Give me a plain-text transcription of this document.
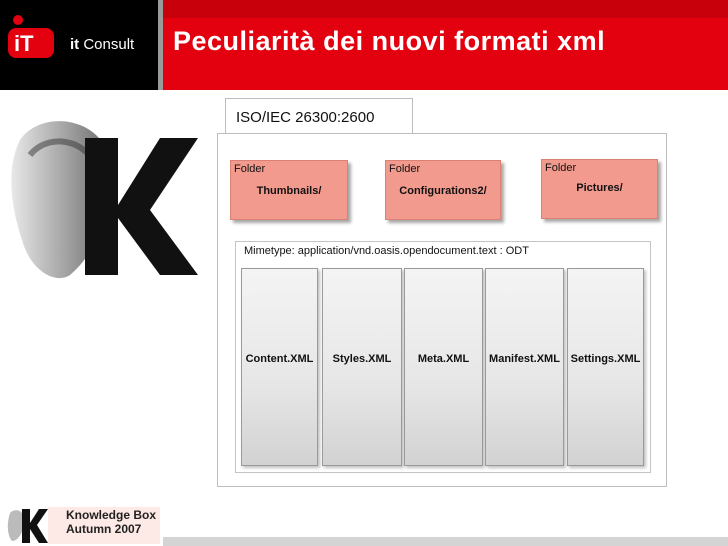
iT it Consult Peculiarità dei nuovi formati xml
ISO/IEC 26300:2600
Folder
Thumbnails/
Folder
Configurations2/
Folder
Pictures/
Mimetype: application/vnd.oasis.opendocument.text : ODT
Content.XML	Styles.XML	Meta.XML	Manifest.XML Settings.XML
Knowledge Box
Autumn 2007
